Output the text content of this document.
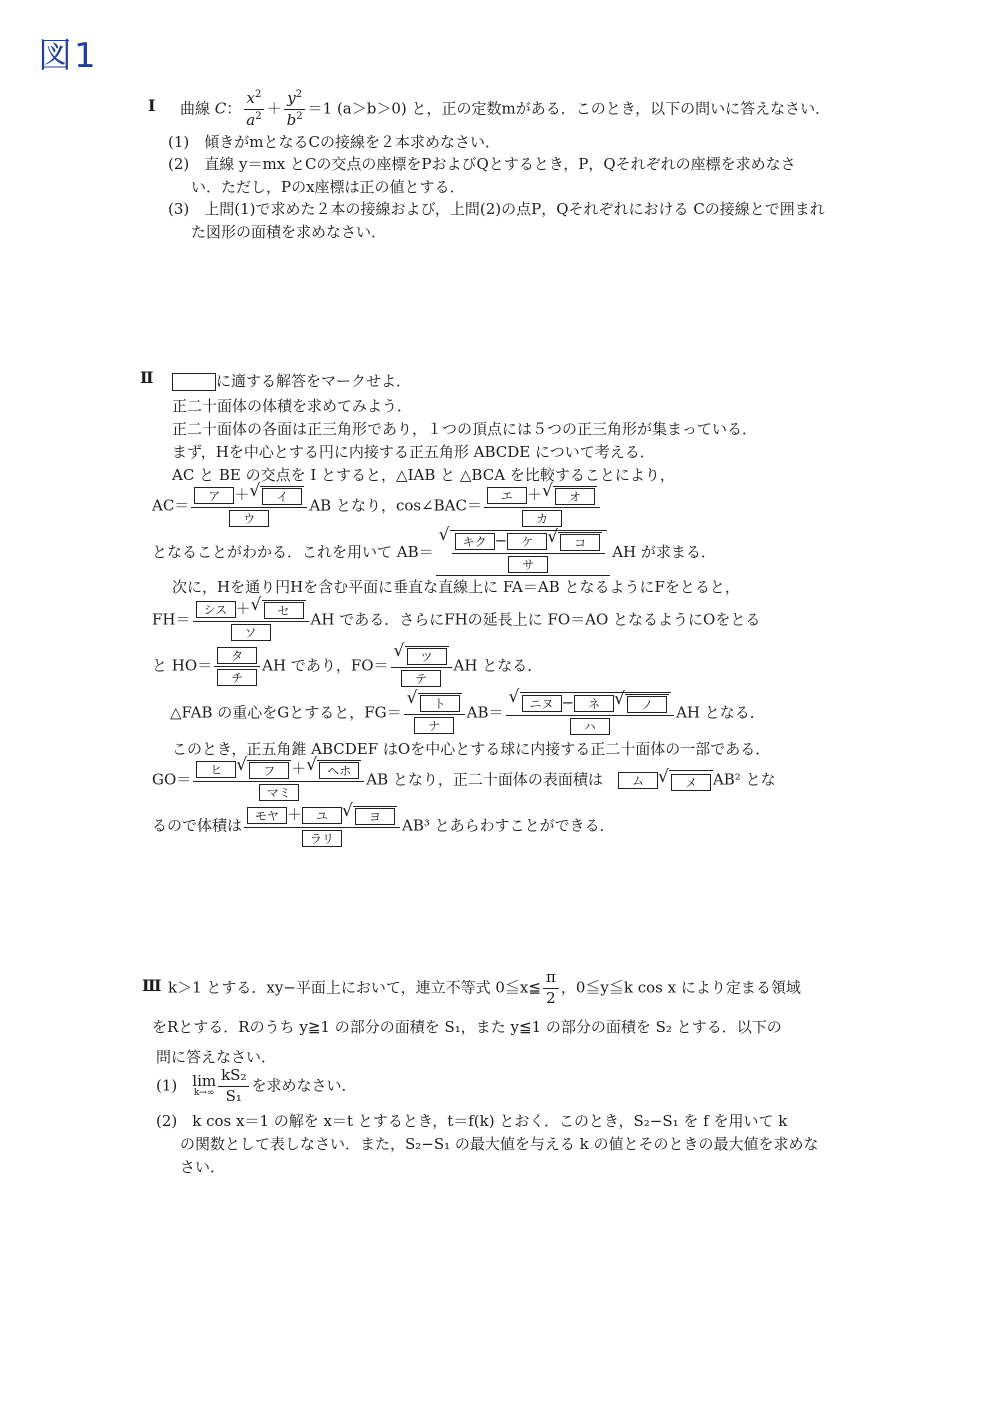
図1
Ⅰ 曲線 C： $\frac{x^2}{a^2} + \frac{y^2}{b^2} =1$ (a＞b＞0) と，正の定数mがある．このとき，以下の問いに答えなさい．
(1)　 傾きがmとなるCの接線を２本求めなさい．
(2)　 直線 y＝mx とCの交点の座標をPおよびQとするとき，P，Qそれぞれの座標を求めなさ
い．ただし，Pのx座標は正の値とする．
(3)　 上問(1)で求めた２本の接線および，上問(2)の点P，Qそれぞれにおける Cの接線とで囲まれ
た図形の面積を求めなさい．
Ⅱ	に適する解答をマークせよ．
正二十面体の体積を求めてみよう．
正二十面体の各面は正三角形であり，１つの頂点には５つの正三角形が集まっている．
まず，Hを中心とする円に内接する正五角形 ABCDE について考える．
AC と BE の交点を I とすると，△IAB と △BCA を比較することにより，
$AC= \frac{\text{ア ＋ √ イ}}{\text{ウ}}$ AB となり，cos∠BAC＝ $\frac{\text{エ ＋ √ オ}}{\text{カ}}$
となることがわかる．これを用いて AB＝ √ キク − ケ	√ コ
サ AH が求まる．
次に，Hを通り円Hを含む平面に垂直な直線上に FA＝AB となるようにFをとると，
$FH= \frac{\text{シス ＋ √ セ}}{\text{ソ}}$ AH である．さらにFHの延長上に FO＝AO となるようにOをとる
と $HO= \frac{\text{タ}}{\text{チ}}$ AH であり，FO＝ √ $\frac{\text{ツ}}{\text{テ}}$ AH となる．
△FAB の重心をGとすると，FG＝ √ $\frac{\text{ト}}{\text{ナ}} AB=$ √ ニヌ − ネ	√ ノ
ハ AH となる．
このとき，正五角錐 ABCDEF はOを中心とする球に内接する正二十面体の一部である．
GO＝ ヒ	√ フ ＋ √ ヘホ
マミ AB となり，正二十面体の表面積は　 ム	√ メ AB² とな
るので体積は モヤ ＋ ユ	√ ヨ
ラリ AB³ とあらわすことができる．
Ⅲ k＞1 とする．xy−平面上において，連立不等式 0≦x≦ $\frac{\pi}{2}$ ，0≦y≦k cos x により定まる領域
をRとする．Rのうち y≧1 の部分の面積を S₁，また y≦1 の部分の面積を S₂ とする．以下の
問に答えなさい．
(1)　 lim
$k\to\infty \frac{\text{kS₂}}{\text{S₁}}$ を求めなさい．
(2)　 k cos x＝1 の解を x＝t とするとき，t＝f(k) とおく．このとき，S₂−S₁ を f を用いて k
の関数として表しなさい．また，S₂−S₁ の最大値を与える k の値とそのときの最大値を求めな
さい．
